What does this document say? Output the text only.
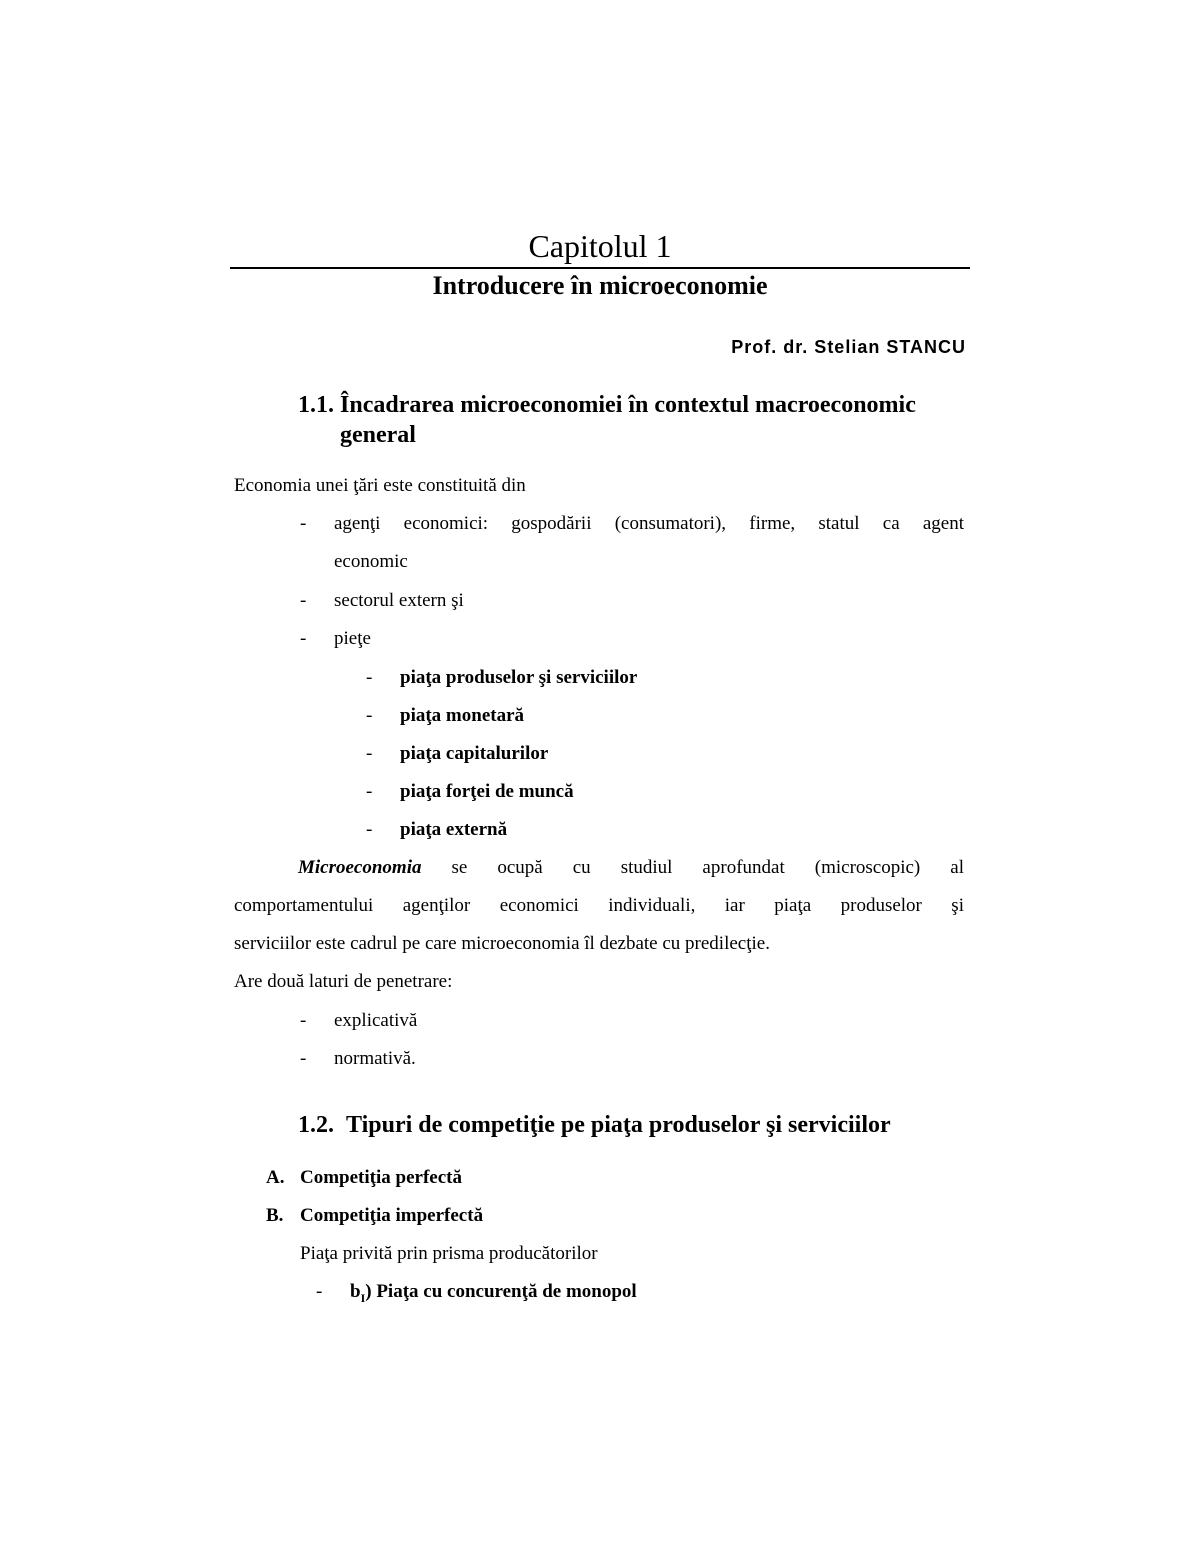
Capitolul 1
Introducere în microeconomie
Prof. dr. Stelian STANCU
1.1. Încadrarea microeconomiei în contextul macroeconomic
general
Economia unei ţări este constituită din
- agenţi economici: gospodării (consumatori), firme, statul ca agent
economic
- sectorul extern şi
- pieţe
- piaţa produselor şi serviciilor
- piaţa monetară
- piaţa capitalurilor
- piaţa forţei de muncă
- piaţa externă
Microeconomia se ocupă cu studiul aprofundat (microscopic) al
comportamentului agenţilor economici individuali, iar piaţa produselor şi
serviciilor este cadrul pe care microeconomia îl dezbate cu predilecţie.
Are două laturi de penetrare:
- explicativă
- normativă.
1.2. Tipuri de competiţie pe piaţa produselor şi serviciilor
A. Competiţia perfectă
B. Competiţia imperfectă
Piaţa privită prin prisma producătorilor
- $b_I$) Piaţa cu concurenţă de monopol
